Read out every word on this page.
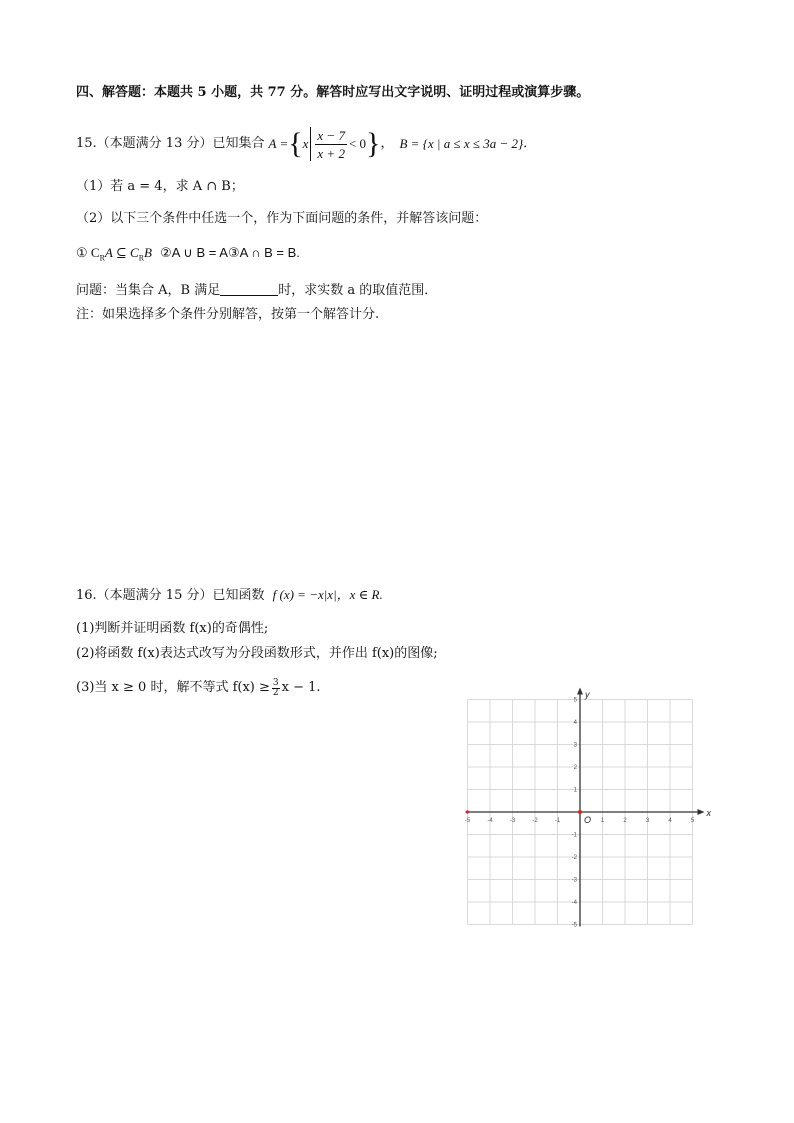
四、解答题：本题共 5 小题，共 77 分。解答时应写出文字说明、证明过程或演算步骤。
15.（本题满分 13 分）已知集合 A = { x $\frac{x - 7}{x + 2} < 0$ } ， B = {x | a ≤ x ≤ 3a − 2} ．
（1）若 a = 4，求 A ∩ B；
（2）以下三个条件中任选一个，作为下面问题的条件，并解答该问题：
① $C_RA$ ⊆ $C_RB$ ②A ∪ B = A③A ∩ B = B.
问题：当集合 A，B 满足	时，求实数 a 的取值范围．
注：如果选择多个条件分别解答，按第一个解答计分.
16.（本题满分 15 分）已知函数 f (x) = −x|x|，x ∈ R.
(1)判断并证明函数 f(x)的奇偶性;
(2)将函数 f(x)表达式改写为分段函数形式，并作出 f(x)的图像;
(3)当 x ≥ 0 时，解不等式 $f(x) \ge \frac{3}{2}$ x − 1.
-5	-4	-3	-2	-1	1	2	3	4	5
5
4
3
2
1
-1
-2
-3
-4
-5
x
y
O
